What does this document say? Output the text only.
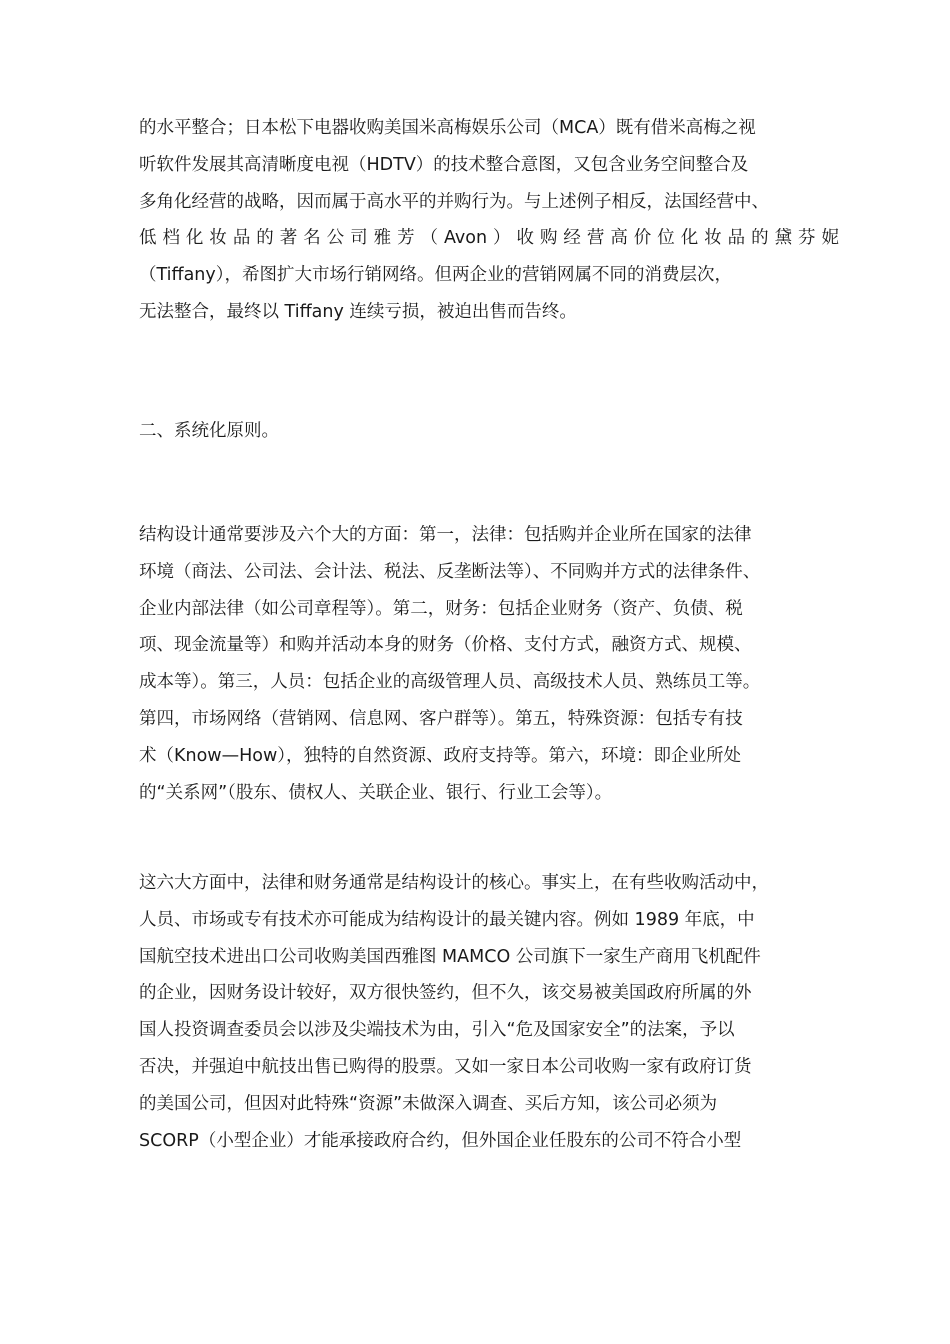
的水平整合；日本松下电器收购美国米高梅娱乐公司（MCA）既有借米高梅之视
听软件发展其高清晰度电视（HDTV）的技术整合意图，又包含业务空间整合及
多角化经营的战略，因而属于高水平的并购行为。与上述例子相反，法国经营中、
低档化妆品的著名公司雅芳（Avon）收购经营高价位化妆品的黛芬妮
（Tiffany），希图扩大市场行销网络。但两企业的营销网属不同的消费层次，
无法整合，最终以 Tiffany 连续亏损，被迫出售而告终。
二、系统化原则。
结构设计通常要涉及六个大的方面：第一，法律：包括购并企业所在国家的法律
环境（商法、公司法、会计法、税法、反垄断法等）、不同购并方式的法律条件、
企业内部法律（如公司章程等）。第二，财务：包括企业财务（资产、负债、税
项、现金流量等）和购并活动本身的财务（价格、支付方式，融资方式、规模、
成本等）。第三，人员：包括企业的高级管理人员、高级技术人员、熟练员工等。
第四，市场网络（营销网、信息网、客户群等）。第五，特殊资源：包括专有技
术（Know—How），独特的自然资源、政府支持等。第六，环境：即企业所处
的“关系网”（股东、债权人、关联企业、银行、行业工会等）。
这六大方面中，法律和财务通常是结构设计的核心。事实上，在有些收购活动中，
人员、市场或专有技术亦可能成为结构设计的最关键内容。例如 1989 年底，中
国航空技术进出口公司收购美国西雅图 MAMCO 公司旗下一家生产商用飞机配件
的企业，因财务设计较好，双方很快签约，但不久，该交易被美国政府所属的外
国人投资调查委员会以涉及尖端技术为由，引入“危及国家安全”的法案，予以
否决，并强迫中航技出售已购得的股票。又如一家日本公司收购一家有政府订货
的美国公司，但因对此特殊“资源”未做深入调查、买后方知，该公司必须为
SCORP（小型企业）才能承接政府合约，但外国企业任股东的公司不符合小型
